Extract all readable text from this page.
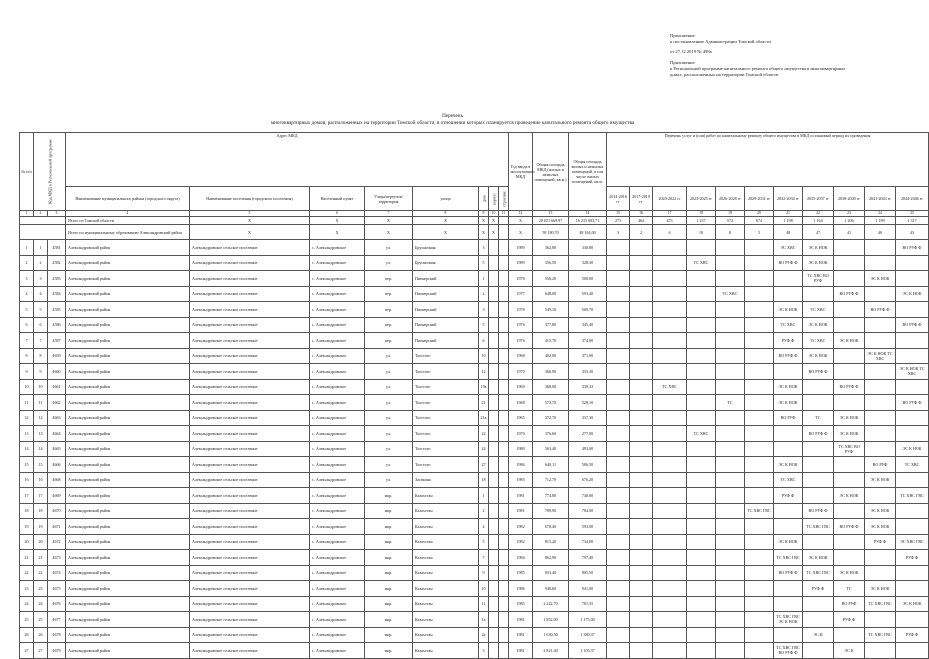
Приложение
к постановлению Администрации Томской области
от 27.12.2019 № 498а
Приложение
к Региональной программе капитального ремонта общего имущества в многоквартирных
домах, расположенных на территории Томской области
Перечень
многоквартирных домов, расположенных на территории Томской области, в отношении которых планируется проведение капитального ремонта общего имущества
№ п/п	Код МКД в Региональной программе		Адрес МКД								Год ввода в эксплуатацию МКД	Общая площадь МКД (жилых и нежилых помещений, кв.м.)	Общая площадь жилых и нежилых помещений, в том числе жилых помещений, кв.м.	Перечень услуг и (или) работ по капитальному ремонту общего имущества в МКД и плановый период их проведения										
			Наименование муниципального района (городского округа)	Наименование поселения (городского поселения)	Населенный пункт	Улица/переулок/ территория	улица	дом	корпус	строение				2014-2016 гг	2017-2019 гг	2020-2022 гг	2023-2025 гг	2026-2028 гг	2029-2031 гг	2032-2034 гг	2035-2037 гг	2038-2040 гг	2041-2043 гг	2044-2046 гг
1	2	3	4	5	6	7	8	9	10	11	12	13	14	15	16	17	18	19	20	21	22	23	24	25
			Итого по Томской области	X	X	X	X	X	X		X	20 021 669,97	16 233 003,71	273	464	473	1 237	572	674	1 198	1 164	1 206	1 189	1 317
			Итого по муниципальному образованию Александровский район	X	X	X	X	X	X		X	58 180,70	48 164,00	3	2	6	10	8	5	48	47	41	40	43
1	1	4581	Александровский район	Александровское сельское поселение	с. Александровское	ул.	Брусничная	3			1989	362,80	330,80							ЭС ХВС	ЭС К НОК			ВО РУФ Ф
2	2	4582	Александровский район	Александровское сельское поселение	с. Александровское	ул.	Брусничная	5			1989	356,50	328,30				ТС ХВС			ВО РУФ Ф	ЭС К НОК			
3	3	4583	Александровский район	Александровское сельское поселение	с. Александровское	пер.	Пионерский	1			1978	556,20	500,00								ТС ХВС ВО РУФ		ЭС К НОК	
4	4	4584	Александровский район	Александровское сельское поселение	с. Александровское	пер.	Пионерский	2			1977	648,00	593,40					ТС ХВС				ВО РУФ Ф		ЭС К НОК
5	5	4585	Александровский район	Александровское сельское поселение	с. Александровское	пер.	Пионерский	3			1978	549,10	500,70							ЭС К НОК	ТС ХВС		ВО РУФ Ф	
6	6	4586	Александровский район	Александровское сельское поселение	с. Александровское	пер.	Пионерский	5			1976	377,80	345,40							ТС ХВС	ЭС К НОК			ВО РУФ Ф
7	7	4587	Александровский район	Александровское сельское поселение	с. Александровское	пер.	Пионерский	6			1976	415,70	374,00							РУФ Ф	ТС ХВС	ЭС К НОК		
8	8	4659	Александровский район	Александровское сельское поселение	с. Александровское	ул.	Толстого	10			1968	402,00	371,00							ВО РУФ Ф	ЭС К НОК		ЭС К НОК ТС ХВС	
9	9	4660	Александровский район	Александровское сельское поселение	с. Александровское	ул.	Толстого	12			1970	366,90	335,30								ВО РУФ Ф			ЭС К НОК ТС ХВС
10	10	4661	Александровский район	Александровское сельское поселение	с. Александровское	ул.	Толстого	19а			1969	368,00	330,32			ТС ХВС				ЭС К НОК		ВО РУФ Ф		
11	11	4662	Александровский район	Александровское сельское поселение	с. Александровское	ул.	Толстого	21			1968	573,70	528,10					ТС		ЭС К НОК				ВО РУФ Ф
12	12	4663	Александровский район	Александровское сельское поселение	с. Александровское	ул.	Толстого	21а			1965	372,70	337,30							ВО РУФ	ТС	ЭС К НОК		
13	13	4664	Александровский район	Александровское сельское поселение	с. Александровское	ул.	Толстого	22			1970	376,60	277,00				ТС ХВС				ВО РУФ Ф	ЭС К НОК		
14	14	4665	Александровский район	Александровское сельское поселение	с. Александровское	ул.	Толстого	24			1980	563,40	493,00									ТС ХВС ВО РУФ		ЭС К НОК
15	15	4666	Александровский район	Александровское сельское поселение	с. Александровское	ул.	Толстого	27			1986	640,11	586,50							ЭС К НОК			ВО РУФ	ТС ХВС
16	16	4668	Александровский район	Александровское сельское поселение	с. Александровское	ул.	Засекина	18			1985	712,70	676,20							ТС ХВС			ЭС К НОК	
17	17	4669	Александровский район	Александровское сельское поселение	с. Александровское	мкр.	Казахстан	1			1981	774,80	740,00							РУФ Ф		ЭС К НОК		ТС ХВС ГВС
18	18	4670	Александровский район	Александровское сельское поселение	с. Александровское	мкр.	Казахстан	2			1981	789,90	784,00						ТС ХВС ГВС		ВО РУФ Ф		ЭС К НОК	
19	19	4671	Александровский район	Александровское сельское поселение	с. Александровское	мкр.	Казахстан	4			1982	678,40	593,00								ТС ХВС ГВС	ВО РУФ Ф	ЭС К НОК	
20	20	4672	Александровский район	Александровское сельское поселение	с. Александровское	мкр.	Казахстан	5			1982	815,20	734,00							ЭС К НОК			РУФ Ф	ЭС ХВС ГВС
21	21	4673	Александровский район	Александровское сельское поселение	с. Александровское	мкр.	Казахстан	7			1984	862,90	797,40							ТС ХВС ГВС	ЭС К НОК			РУФ Ф
22	22	4674	Александровский район	Александровское сельское поселение	с. Александровское	мкр.	Казахстан	9			1985	853,40	805,50							ВО РУФ Ф	ТС ХВС ГВС	ЭС К НОК		
23	23	4675	Александровский район	Александровское сельское поселение	с. Александровское	мкр.	Казахстан	10			1986	948,60	941,00								РУФ Ф	ТС	ЭС К НОК	
24	24	4676	Александровский район	Александровское сельское поселение	с. Александровское	мкр.	Казахстан	11			1985	2 222,70	781,35									ВО РУФ	ТС ХВС ГВС	ЭС К НОК
25	25	4677	Александровский район	Александровское сельское поселение	с. Александровское	мкр.	Казахстан	1а			1981	1 852,00	1 175,00							ТС ХВС ГВС ЭС К НОК		РУФ Ф		
26	26	4678	Александровский район	Александровское сельское поселение	с. Александровское	мкр.	Казахстан	2а			1981	1 630,50	1 380,37								ЭС К		ТС ХВС ГВС	РУФ Ф
27	27	4679	Александровский район	Александровское сельское поселение	с. Александровское	мкр.	Казахстан	3			1981	2 821,40	1 105,37							ТС ХВС ГВС ВО РУФ Ф		ЭС К		
